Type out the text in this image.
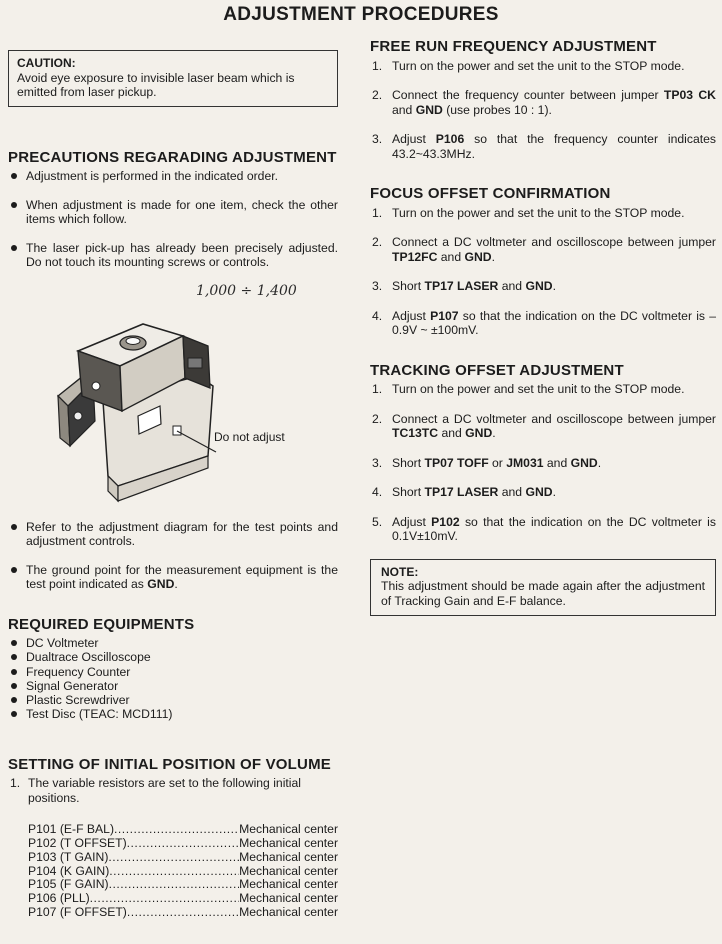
ADJUSTMENT PROCEDURES
CAUTION:
Avoid eye exposure to invisible laser beam which is emitted from laser pickup.
PRECAUTIONS REGARADING ADJUSTMENT
Adjustment is performed in the indicated order.
When adjustment is made for one item, check the other items which follow.
The laser pick-up has already been precisely adjusted. Do not touch its mounting screws or controls.
1,000 ÷ 1,400
Do not adjust
Refer to the adjustment diagram for the test points and adjustment controls.
The ground point for the measurement equipment is the test point indicated as GND.
REQUIRED EQUIPMENTS
DC Voltmeter
Dualtrace Oscilloscope
Frequency Counter
Signal Generator
Plastic Screwdriver
Test Disc (TEAC: MCD111)
SETTING OF INITIAL POSITION OF VOLUME
1. The variable resistors are set to the following initial positions.
P101 (E-F BAL) .....	Mechanical center
P102 (T OFFSET) .....	Mechanical center
P103 (T GAIN) .....	Mechanical center
P104 (K GAIN) .....	Mechanical center
P105 (F GAIN) .....	Mechanical center
P106 (PLL) .....	Mechanical center
P107 (F OFFSET) .....	Mechanical center
FREE RUN FREQUENCY ADJUSTMENT
1. Turn on the power and set the unit to the STOP mode.
2. Connect the frequency counter between jumper TP03 CK and GND (use probes 10 : 1).
3. Adjust P106 so that the frequency counter indicates 43.2~43.3MHz.
FOCUS OFFSET CONFIRMATION
1. Turn on the power and set the unit to the STOP mode.
2. Connect a DC voltmeter and oscilloscope between jumper TP12FC and GND.
3. Short TP17 LASER and GND.
4. Adjust P107 so that the indication on the DC voltmeter is –0.9V ~ ±100mV.
TRACKING OFFSET ADJUSTMENT
1. Turn on the power and set the unit to the STOP mode.
2. Connect a DC voltmeter and oscilloscope between jumper TC13TC and GND.
3. Short TP07 TOFF or JM031 and GND.
4. Short TP17 LASER and GND.
5. Adjust P102 so that the indication on the DC voltmeter is 0.1V±10mV.
NOTE:
This adjustment should be made again after the adjustment of Tracking Gain and E-F balance.
